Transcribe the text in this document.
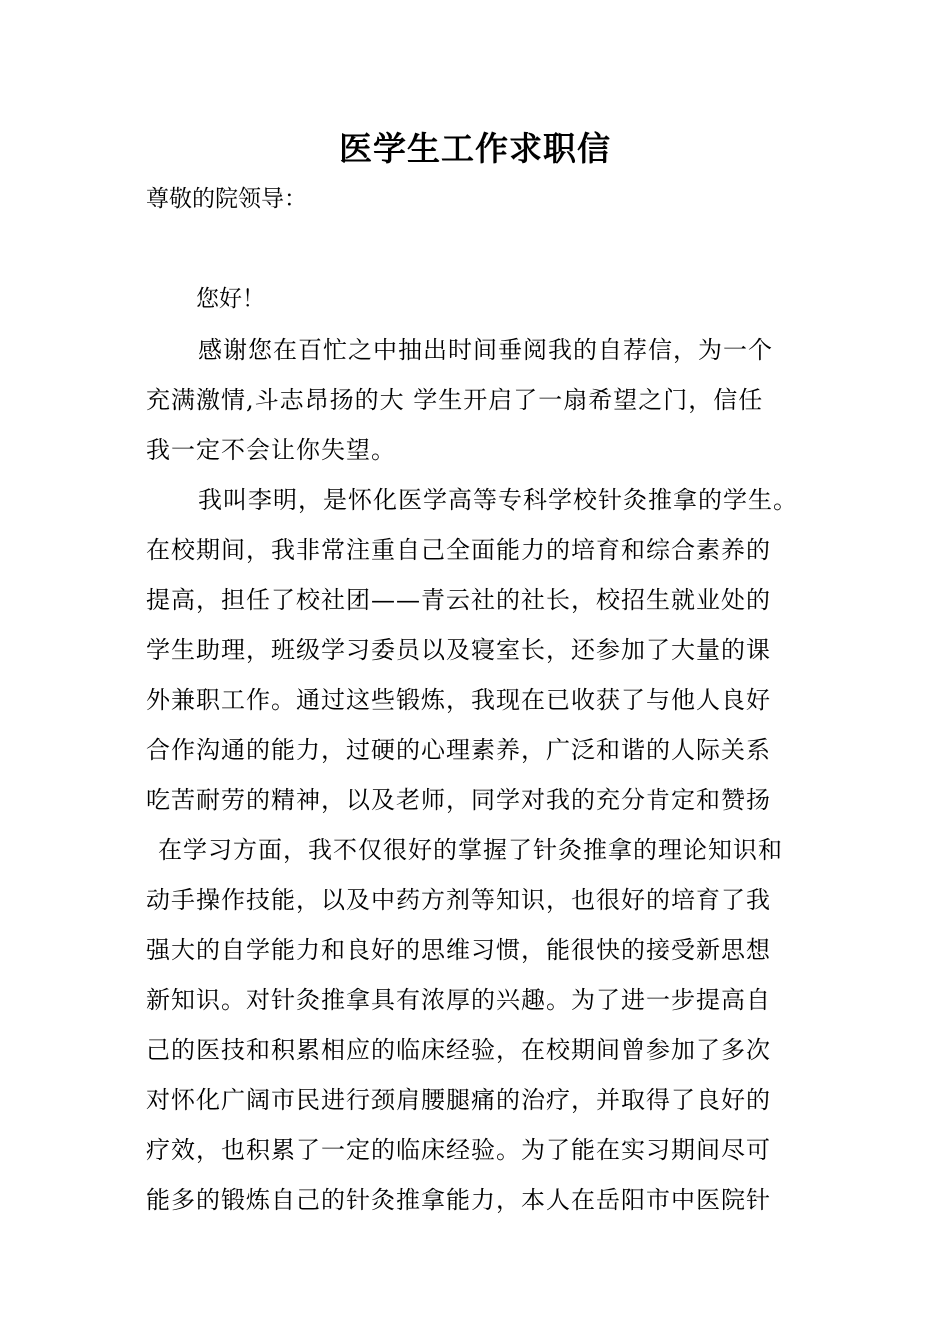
医学生工作求职信
尊敬的院领导：
您好！
感谢您在百忙之中抽出时间垂阅我的自荐信，为一个
充满激情,斗志昂扬的大 学生开启了一扇希望之门，信任
我一定不会让你失望。
我叫李明，是怀化医学高等专科学校针灸推拿的学生。
在校期间，我非常注重自己全面能力的培育和综合素养的
提高，担任了校社团——青云社的社长，校招生就业处的
学生助理，班级学习委员以及寝室长，还参加了大量的课
外兼职工作。通过这些锻炼，我现在已收获了与他人良好
合作沟通的能力，过硬的心理素养，广泛和谐的人际关系
吃苦耐劳的精神，以及老师，同学对我的充分肯定和赞扬
在学习方面，我不仅很好的掌握了针灸推拿的理论知识和
动手操作技能，以及中药方剂等知识，也很好的培育了我
强大的自学能力和良好的思维习惯，能很快的接受新思想
新知识。对针灸推拿具有浓厚的兴趣。为了进一步提高自
己的医技和积累相应的临床经验，在校期间曾参加了多次
对怀化广阔市民进行颈肩腰腿痛的治疗，并取得了良好的
疗效，也积累了一定的临床经验。为了能在实习期间尽可
能多的锻炼自己的针灸推拿能力，本人在岳阳市中医院针
